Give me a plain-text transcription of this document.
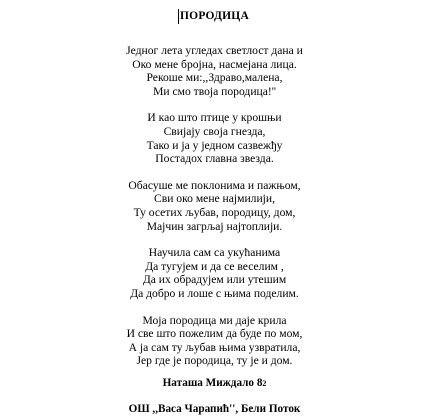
ПОРОДИЦА
Једног лета угледах светлост дана и
Око мене бројна, насмејана лица.
Рекоше ми:,,Здраво,малена,
Ми смо твоја породица!''
И као што птице у крошњи
Свијају своја гнезда,
Тако и ја у једном сазвежђу
Постадох главна звезда.
Обасуше ме поклонима и пажњом,
Сви око мене најмилији,
Ту осетих љубав, породицу, дом,
Мајчин загрљај најтоплији.
Научила сам са укућанима
Да тугујем и да се веселим ,
Да их обрадујем или утешим
Да добро и лоше с њима поделим.
Моја породица ми даје крила
И све што пожелим да буде по мом,
А ја сам ту љубав њима узвратила,
Јер где је породица, ту је и дом.
Наташа Миждало 82
ОШ ,,Васа Чарапић'', Бели Поток
